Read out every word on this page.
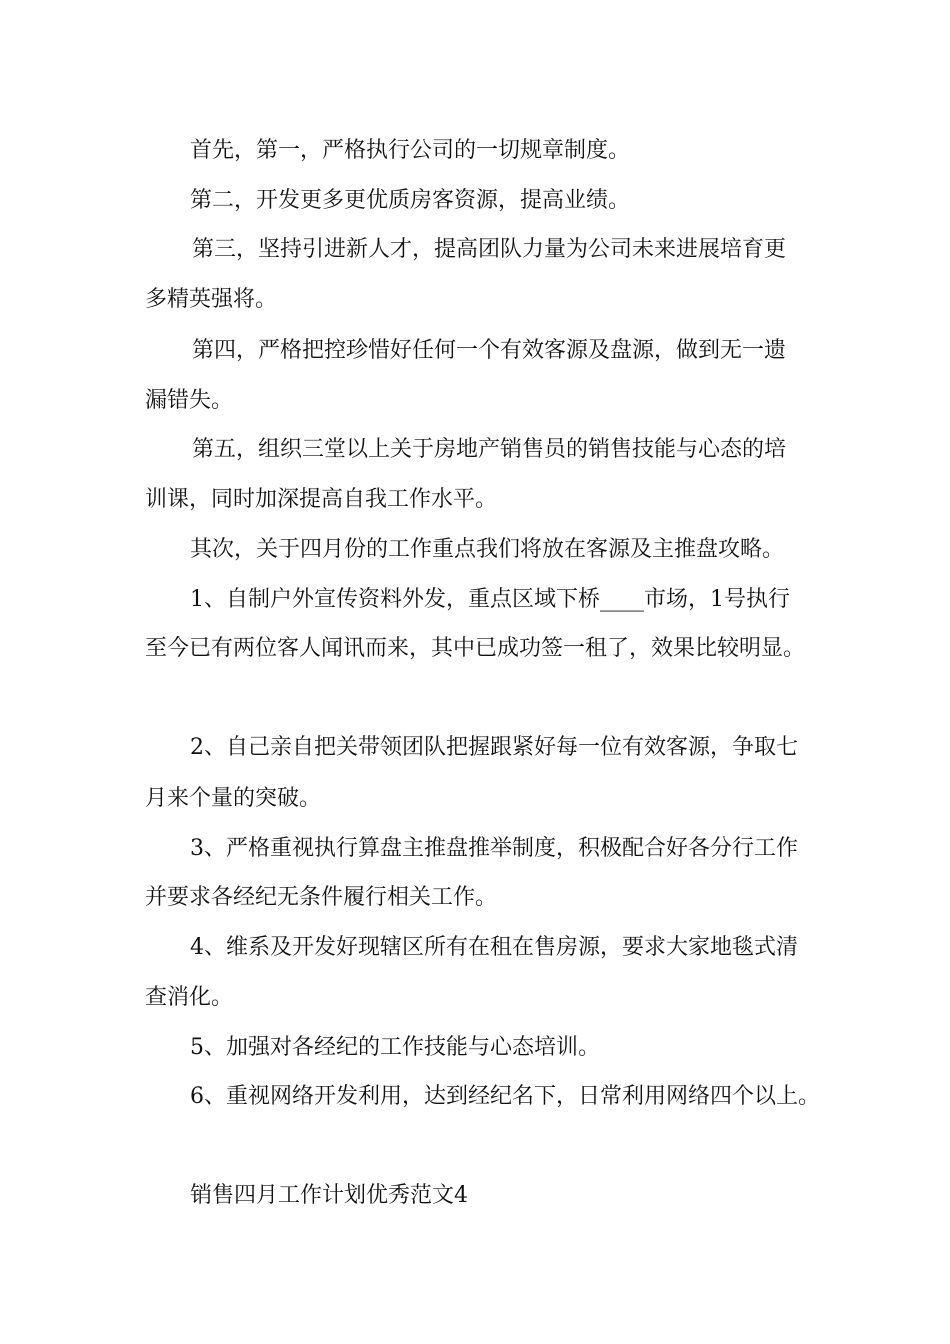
首先，第一，严格执行公司的一切规章制度。
第二，开发更多更优质房客资源，提高业绩。
第三，坚持引进新人才，提高团队力量为公司未来进展培育更
多精英强将。
第四，严格把控珍惜好任何一个有效客源及盘源，做到无一遗
漏错失。
第五，组织三堂以上关于房地产销售员的销售技能与心态的培
训课，同时加深提高自我工作水平。
其次，关于四月份的工作重点我们将放在客源及主推盘攻略。
1、自制户外宣传资料外发，重点区域下桥____市场，1号执行
至今已有两位客人闻讯而来，其中已成功签一租了，效果比较明显。
2、自己亲自把关带领团队把握跟紧好每一位有效客源，争取七
月来个量的突破。
3、严格重视执行算盘主推盘推举制度，积极配合好各分行工作
并要求各经纪无条件履行相关工作。
4、维系及开发好现辖区所有在租在售房源，要求大家地毯式清
查消化。
5、加强对各经纪的工作技能与心态培训。
6、重视网络开发利用，达到经纪名下，日常利用网络四个以上。
销售四月工作计划优秀范文4
